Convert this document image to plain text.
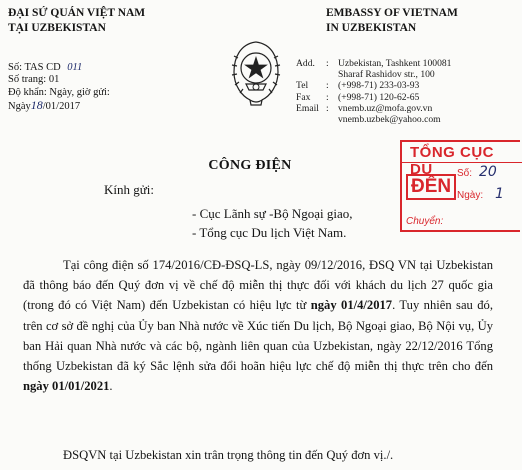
ĐẠI SỨ QUÁN VIỆT NAM
TẠI UZBEKISTAN
EMBASSY OF VIETNAM
IN UZBEKISTAN
Số: TAS CD 011
Số trang: 01
Độ khẩn: Ngày, giờ gửi:
Ngày18/01/2017
Add.	:	Uzbekistan, Tashkent 100081
		Sharaf Rashidov str., 100
Tel	:	(+998-71) 233-03-93
Fax	:	(+998-71) 120-62-65
Email	:	vnemb.uz@mofa.gov.vn
		vnemb.uzbek@yahoo.com
TỔNG CỤC DU
ĐẾN
Số: 20
Ngày: 1
Chuyển:
CÔNG ĐIỆN
Kính gửi:
- Cục Lãnh sự -Bộ Ngoại giao,
- Tổng cục Du lịch Việt Nam.
Tại công điện số 174/2016/CĐ-ĐSQ-LS, ngày 09/12/2016, ĐSQ VN tại Uzbekistan đã thông báo đến Quý đơn vị về chế độ miễn thị thực đối với khách du lịch 27 quốc gia (trong đó có Việt Nam) đến Uzbekistan có hiệu lực từ ngày 01/4/2017. Tuy nhiên sau đó, trên cơ sở đề nghị của Ủy ban Nhà nước về Xúc tiến Du lịch, Bộ Ngoại giao, Bộ Nội vụ, Ủy ban Hải quan Nhà nước và các bộ, ngành liên quan của Uzbekistan, ngày 22/12/2016 Tổng thống Uzbekistan đã ký Sắc lệnh sửa đổi hoãn hiệu lực chế độ miễn thị thực trên cho đến ngày 01/01/2021.
ĐSQVN tại Uzbekistan xin trân trọng thông tin đến Quý đơn vị./.
